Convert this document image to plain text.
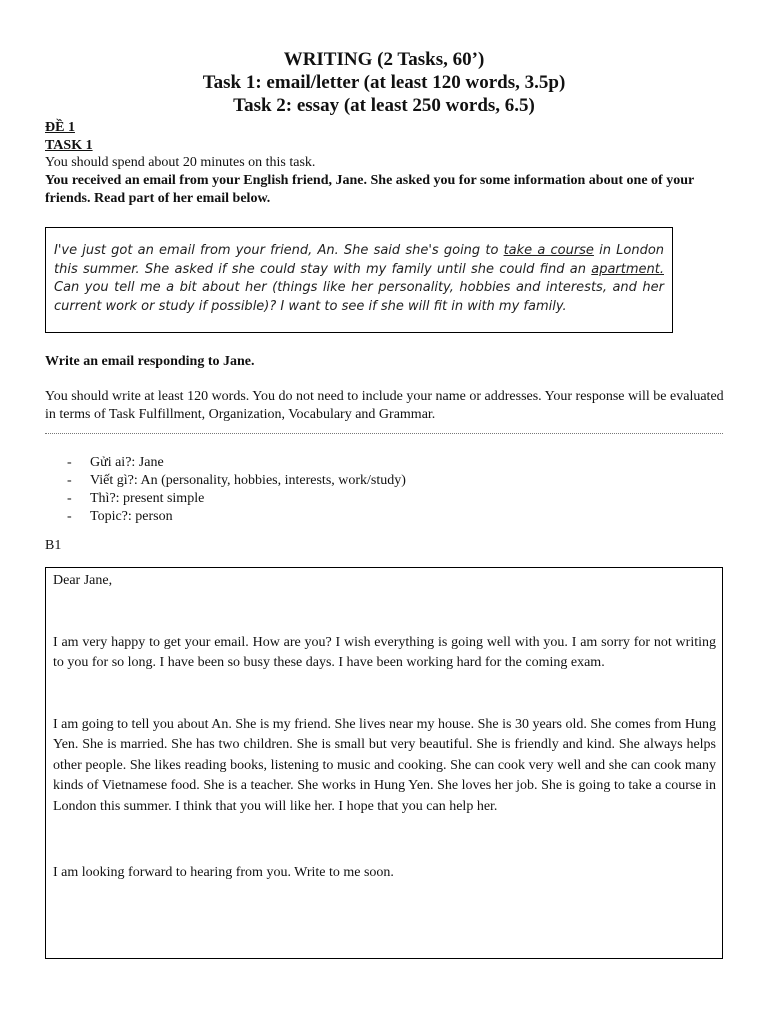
WRITING (2 Tasks, 60’)
Task 1: email/letter (at least 120 words, 3.5p)
Task 2: essay (at least 250 words, 6.5)
ĐỀ 1
TASK 1
You should spend about 20 minutes on this task.
You received an email from your English friend, Jane. She asked you for some information about one of your friends. Read part of her email below.
I've just got an email from your friend, An. She said she's going to take a course in London this summer. She asked if she could stay with my family until she could find an apartment. Can you tell me a bit about her (things like her personality, hobbies and interests, and her current work or study if possible)? I want to see if she will fit in with my family.
Write an email responding to Jane.
You should write at least 120 words. You do not need to include your name or addresses. Your response will be evaluated in terms of Task Fulfillment, Organization, Vocabulary and Grammar.
- Gửi ai?: Jane
- Viết gì?: An (personality, hobbies, interests, work/study)
- Thì?: present simple
- Topic?: person
B1

Dear Jane,

I am very happy to get your email. How are you? I wish everything is going well with you. I am sorry for not writing to you for so long. I have been so busy these days. I have been working hard for the coming exam.

I am going to tell you about An. She is my friend. She lives near my house. She is 30 years old. She comes from Hung Yen. She is married. She has two children. She is small but very beautiful. She is friendly and kind. She always helps other people. She likes reading books, listening to music and cooking. She can cook very well and she can cook many kinds of Vietnamese food. She is a teacher. She works in Hung Yen. She loves her job. She is going to take a course in London this summer. I think that you will like her. I hope that you can help her.

I am looking forward to hearing from you. Write to me soon.
